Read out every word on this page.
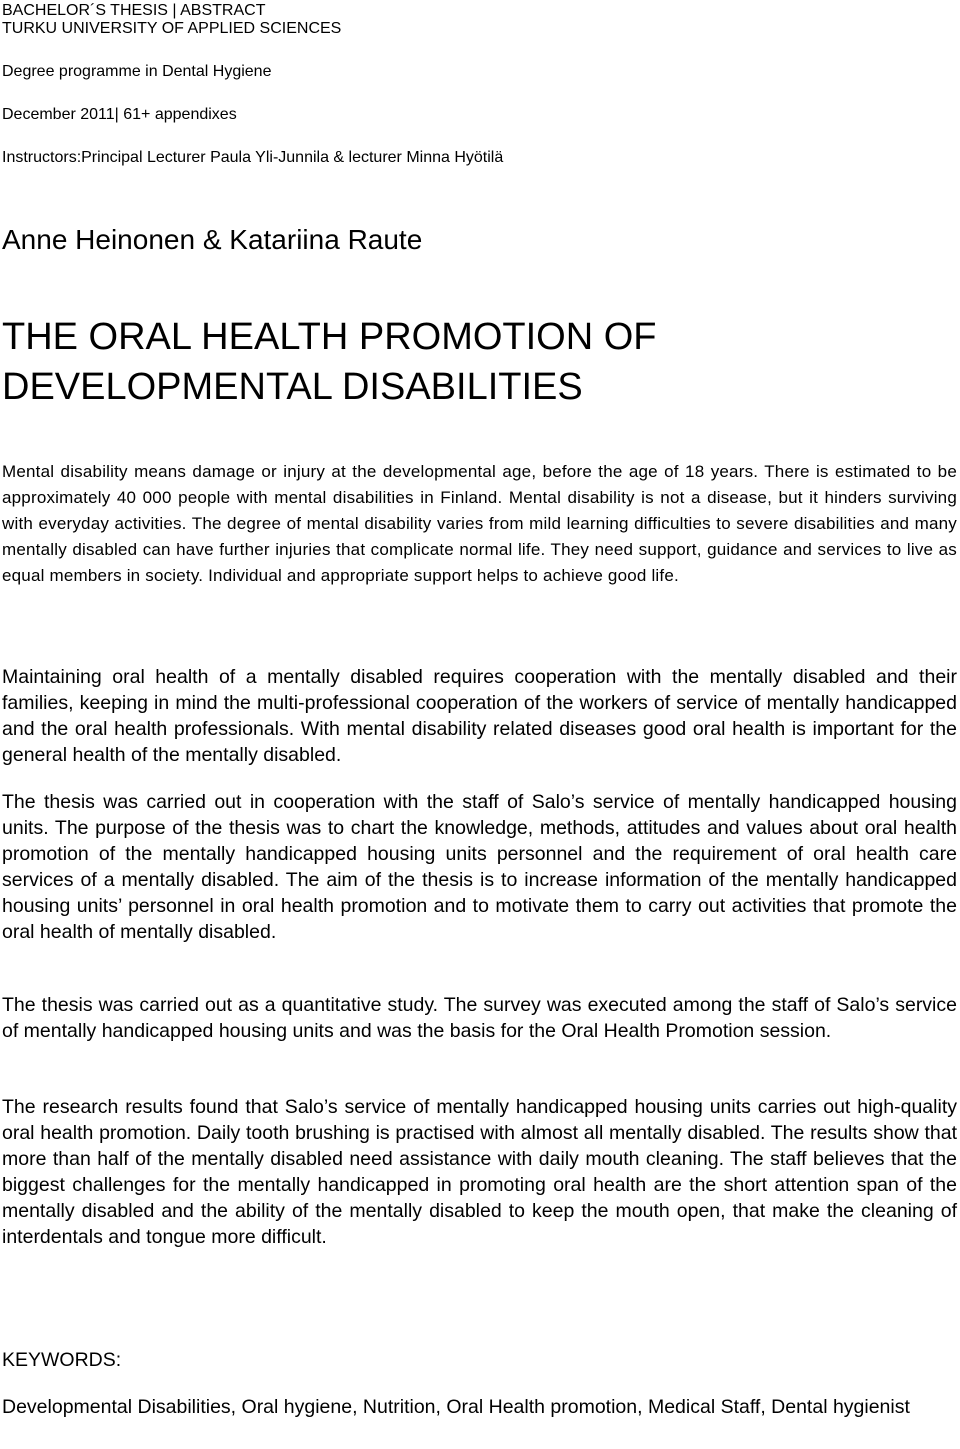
BACHELOR´S THESIS | ABSTRACT
TURKU UNIVERSITY OF APPLIED SCIENCES
Degree programme in Dental Hygiene
December 2011| 61+ appendixes
Instructors:Principal Lecturer Paula Yli-Junnila & lecturer Minna Hyötilä
Anne Heinonen & Katariina Raute
THE ORAL HEALTH PROMOTION OF
DEVELOPMENTAL DISABILITIES

Mental disability means damage or injury at the developmental age, before the age of 18 years. There is estimated to be approximately 40 000 people with mental disabilities in Finland. Mental disability is not a disease, but it hinders surviving with everyday activities. The degree of mental disability varies from mild learning difficulties to severe disabilities and many mentally disabled can have further injuries that complicate normal life. They need support, guidance and services to live as equal members in society. Individual and appropriate support helps to achieve good life.

Maintaining oral health of a mentally disabled requires cooperation with the mentally disabled and their families, keeping in mind the multi-professional cooperation of the workers of service of mentally handicapped and the oral health professionals. With mental disability related diseases good oral health is important for the general health of the mentally disabled.

The thesis was carried out in cooperation with the staff of Salo’s service of mentally handicapped housing units. The purpose of the thesis was to chart the knowledge, methods, attitudes and values about oral health promotion of the mentally handicapped housing units personnel and the requirement of oral health care services of a mentally disabled. The aim of the thesis is to increase information of the mentally handicapped housing units’ personnel in oral health promotion and to motivate them to carry out activities that promote the oral health of mentally disabled.

The thesis was carried out as a quantitative study. The survey was executed among the staff of Salo’s service of mentally handicapped housing units and was the basis for the Oral Health Promotion session.

The research results found that Salo’s service of mentally handicapped housing units carries out high-quality oral health promotion. Daily tooth brushing is practised with almost all mentally disabled. The results show that more than half of the mentally disabled need assistance with daily mouth cleaning. The staff believes that the biggest challenges for the mentally handicapped in promoting oral health are the short attention span of the mentally disabled and the ability of the mentally disabled to keep the mouth open, that make the cleaning of interdentals and tongue more difficult.

KEYWORDS:

Developmental Disabilities, Oral hygiene, Nutrition, Oral Health promotion, Medical Staff, Dental hygienist
